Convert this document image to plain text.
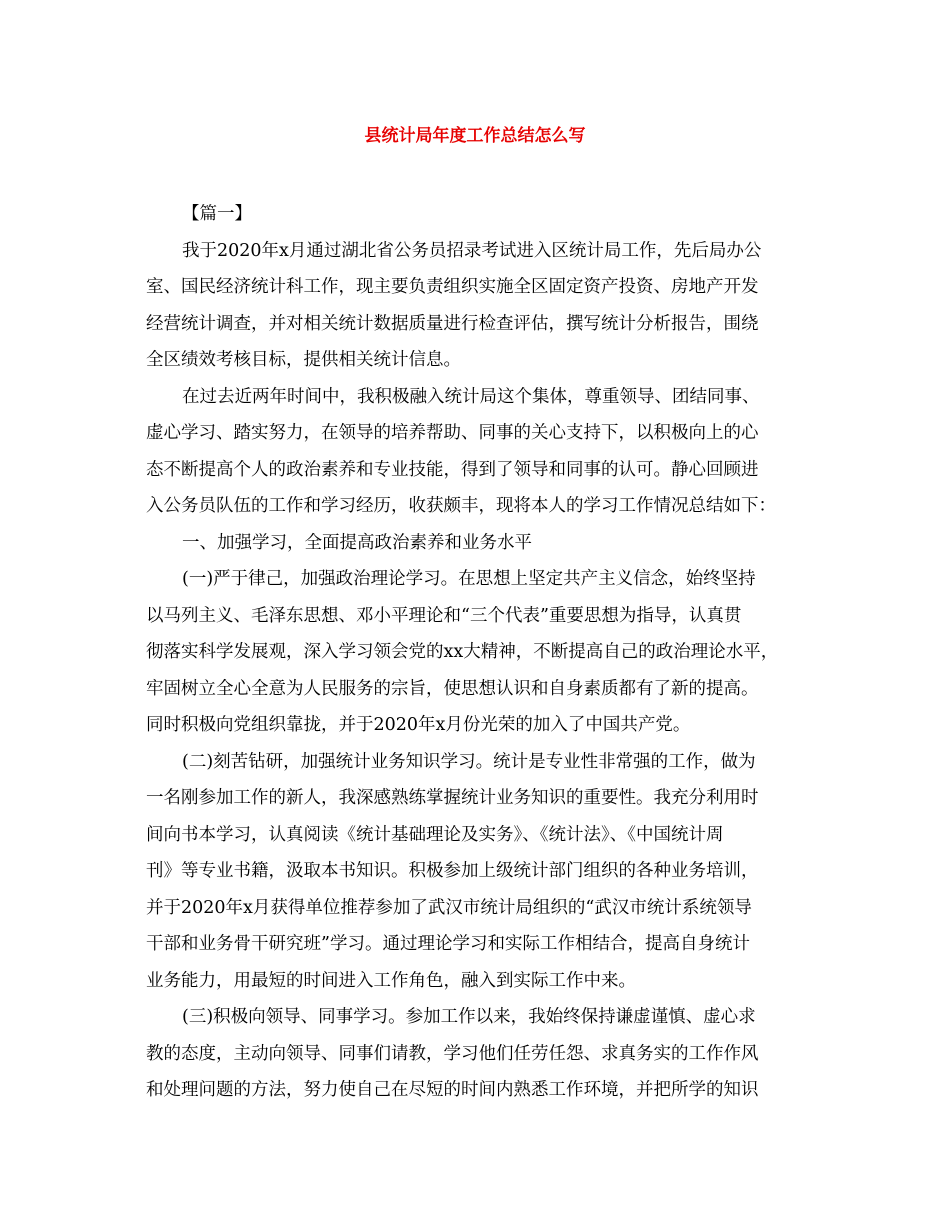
县统计局年度工作总结怎么写
【篇一】
我于2020年x月通过湖北省公务员招录考试进入区统计局工作，先后局办公
室、国民经济统计科工作，现主要负责组织实施全区固定资产投资、房地产开发
经营统计调查，并对相关统计数据质量进行检查评估，撰写统计分析报告，围绕
全区绩效考核目标，提供相关统计信息。
在过去近两年时间中，我积极融入统计局这个集体，尊重领导、团结同事、
虚心学习、踏实努力，在领导的培养帮助、同事的关心支持下，以积极向上的心
态不断提高个人的政治素养和专业技能，得到了领导和同事的认可。静心回顾进
入公务员队伍的工作和学习经历，收获颇丰，现将本人的学习工作情况总结如下：
一、加强学习，全面提高政治素养和业务水平
(一)严于律己，加强政治理论学习。在思想上坚定共产主义信念，始终坚持
以马列主义、毛泽东思想、邓小平理论和“三个代表”重要思想为指导，认真贯
彻落实科学发展观，深入学习领会党的xx大精神，不断提高自己的政治理论水平，
牢固树立全心全意为人民服务的宗旨，使思想认识和自身素质都有了新的提高。
同时积极向党组织靠拢，并于2020年x月份光荣的加入了中国共产党。
(二)刻苦钻研，加强统计业务知识学习。统计是专业性非常强的工作，做为
一名刚参加工作的新人，我深感熟练掌握统计业务知识的重要性。我充分利用时
间向书本学习，认真阅读《统计基础理论及实务》、《统计法》、《中国统计周
刊》等专业书籍，汲取本书知识。积极参加上级统计部门组织的各种业务培训，
并于2020年x月获得单位推荐参加了武汉市统计局组织的“武汉市统计系统领导
干部和业务骨干研究班”学习。通过理论学习和实际工作相结合，提高自身统计
业务能力，用最短的时间进入工作角色，融入到实际工作中来。
(三)积极向领导、同事学习。参加工作以来，我始终保持谦虚谨慎、虚心求
教的态度，主动向领导、同事们请教，学习他们任劳任怨、求真务实的工作作风
和处理问题的方法，努力使自己在尽短的时间内熟悉工作环境，并把所学的知识
